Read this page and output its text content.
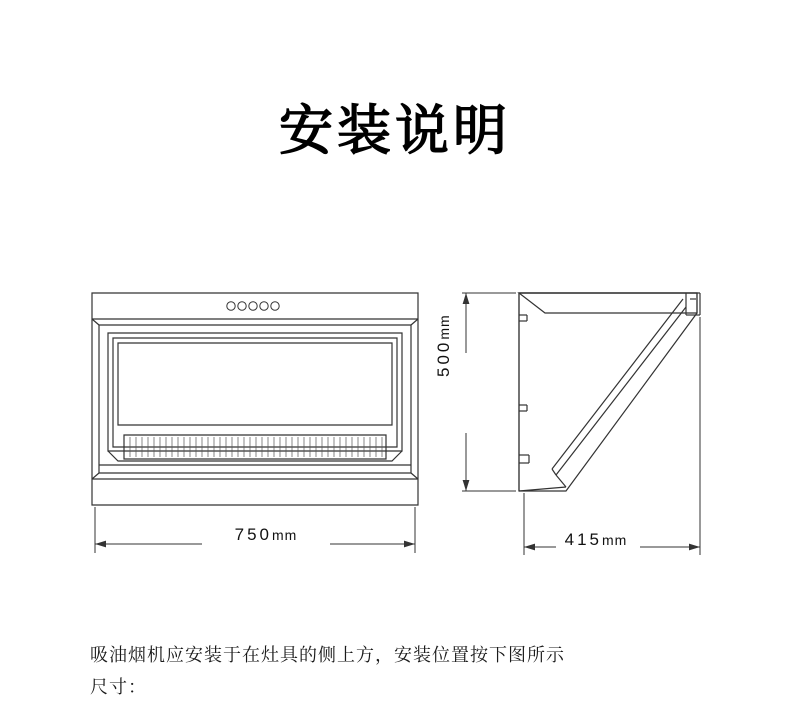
安装说明
750mm	415mm
500mm
吸油烟机应安装于在灶具的侧上方，安装位置按下图所示
尺寸：
